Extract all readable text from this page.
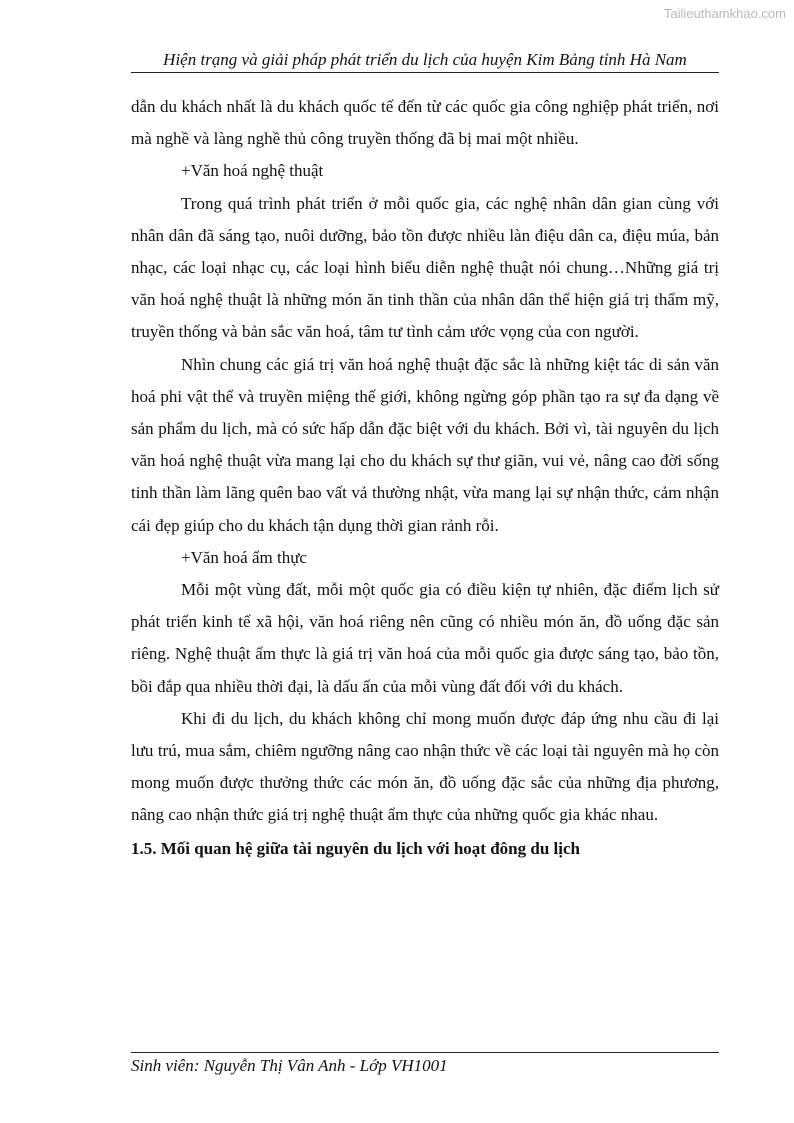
Tailieuthamkhao.com
Hiện trạng và giải pháp phát triển du lịch của huyện Kim Bảng tỉnh Hà Nam

dẫn du khách nhất là du khách quốc tế đến từ các quốc gia công nghiệp phát triển, nơi mà nghề và làng nghề thủ công truyền thống đã bị mai một nhiều.

+Văn hoá nghệ thuật

Trong quá trình phát triển ở mỗi quốc gia, các nghệ nhân dân gian cùng với nhân dân đã sáng tạo, nuôi dưỡng, bảo tồn được nhiều làn điệu dân ca, điệu múa, bản nhạc, các loại nhạc cụ, các loại hình biểu diễn nghệ thuật nói chung…Những giá trị văn hoá nghệ thuật là những món ăn tinh thần của nhân dân thể hiện giá trị thẩm mỹ, truyền thống và bản sắc văn hoá, tâm tư tình cảm ước vọng của con người.

Nhìn chung các giá trị văn hoá nghệ thuật đặc sắc là những kiệt tác di sản văn hoá phi vật thể và truyền miệng thế giới, không ngừng góp phần tạo ra sự đa dạng về sản phẩm du lịch, mà có sức hấp dẫn đặc biệt với du khách. Bởi vì, tài nguyên du lịch văn hoá nghệ thuật vừa mang lại cho du khách sự thư giãn, vui vẻ, nâng cao đời sống tinh thần làm lãng quên bao vất vả thường nhật, vừa mang lại sự nhận thức, cảm nhận cái đẹp giúp cho du khách tận dụng thời gian rảnh rỗi.

+Văn hoá ẩm thực

Mỗi một vùng đất, mỗi một quốc gia có điều kiện tự nhiên, đặc điểm lịch sử phát triển kinh tế xã hội, văn hoá riêng nên cũng có nhiều món ăn, đồ uống đặc sản riêng. Nghệ thuật ẩm thực là giá trị văn hoá của mỗi quốc gia được sáng tạo, bảo tồn, bồi đắp qua nhiều thời đại, là dấu ấn của mỗi vùng đất đối với du khách.

Khi đi du lịch, du khách không chỉ mong muốn được đáp ứng nhu cầu đi lại lưu trú, mua sắm, chiêm ngưỡng nâng cao nhận thức về các loại tài nguyên mà họ còn mong muốn được thưởng thức các món ăn, đồ uống đặc sắc của những địa phương, nâng cao nhận thức giá trị nghệ thuật ẩm thực của những quốc gia khác nhau.

1.5. Mối quan hệ giữa tài nguyên du lịch với hoạt đông du lịch

Sinh viên: Nguyễn Thị Vân Anh - Lớp VH1001
